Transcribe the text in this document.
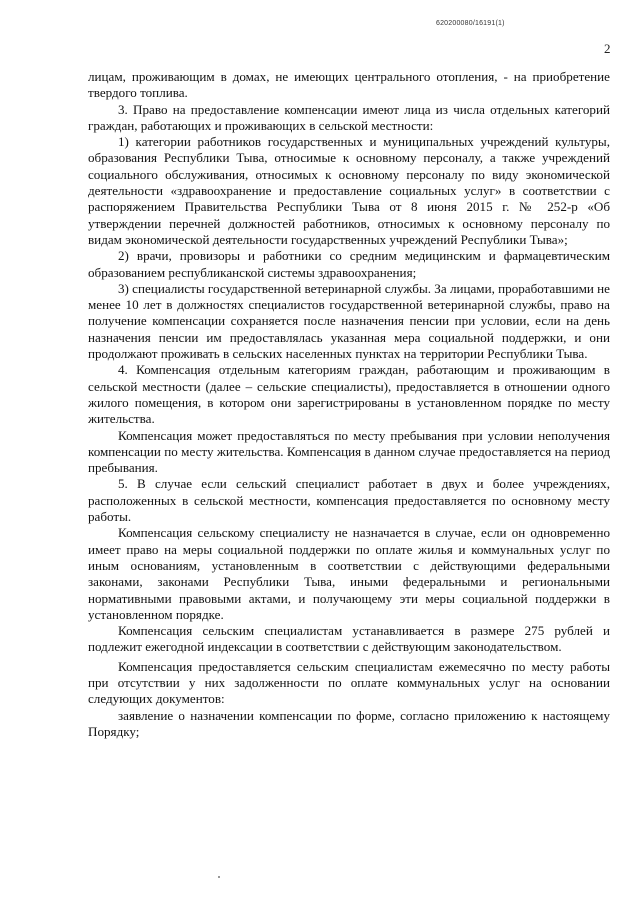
620200080/16191(1)
2

лицам, проживающим в домах, не имеющих центрального отопления, - на приобретение твердого топлива.

3. Право на предоставление компенсации имеют лица из числа отдельных категорий граждан, работающих и проживающих в сельской местности:

1) категории работников государственных и муниципальных учреждений культуры, образования Республики Тыва, относимые к основному персоналу, а также учреждений социального обслуживания, относимых к основному персоналу по виду экономической деятельности «здравоохранение и предоставление социальных услуг» в соответствии с распоряжением Правительства Республики Тыва от 8 июня 2015 г. № 252-р «Об утверждении перечней должностей работников, относимых к основному персоналу по видам экономической деятельности государственных учреждений Республики Тыва»;

2) врачи, провизоры и работники со средним медицинским и фармацевтическим образованием республиканской системы здравоохранения;

3) специалисты государственной ветеринарной службы. За лицами, проработавшими не менее 10 лет в должностях специалистов государственной ветеринарной службы, право на получение компенсации сохраняется после назначения пенсии при условии, если на день назначения пенсии им предоставлялась указанная мера социальной поддержки, и они продолжают проживать в сельских населенных пунктах на территории Республики Тыва.

4. Компенсация отдельным категориям граждан, работающим и проживающим в сельской местности (далее – сельские специалисты), предоставляется в отношении одного жилого помещения, в котором они зарегистрированы в установленном порядке по месту жительства.

Компенсация может предоставляться по месту пребывания при условии неполучения компенсации по месту жительства. Компенсация в данном случае предоставляется на период пребывания.

5. В случае если сельский специалист работает в двух и более учреждениях, расположенных в сельской местности, компенсация предоставляется по основному месту работы.

Компенсация сельскому специалисту не назначается в случае, если он одновременно имеет право на меры социальной поддержки по оплате жилья и коммунальных услуг по иным основаниям, установленным в соответствии с действующими федеральными законами, законами Республики Тыва, иными федеральными и региональными нормативными правовыми актами, и получающему эти меры социальной поддержки в установленном порядке.

Компенсация сельским специалистам устанавливается в размере 275 рублей и подлежит ежегодной индексации в соответствии с действующим законодательством.

Компенсация предоставляется сельским специалистам ежемесячно по месту работы при отсутствии у них задолженности по оплате коммунальных услуг на основании следующих документов:

заявление о назначении компенсации по форме, согласно приложению к настоящему Порядку;
